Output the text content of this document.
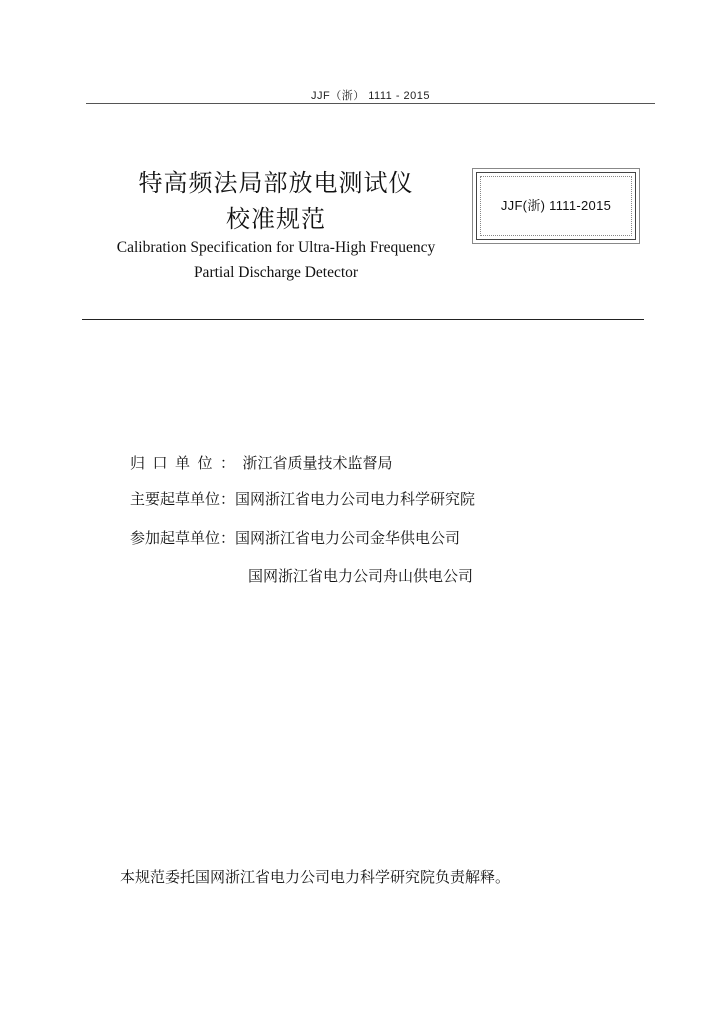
JJF（浙） 1111 - 2015
特高频法局部放电测试仪
校准规范
Calibration Specification for Ultra-High Frequency
Partial Discharge Detector
JJF(浙) 1111-2015
归口单位：浙江省质量技术监督局
主要起草单位：国网浙江省电力公司电力科学研究院
参加起草单位：国网浙江省电力公司金华供电公司
国网浙江省电力公司舟山供电公司
本规范委托国网浙江省电力公司电力科学研究院负责解释。
